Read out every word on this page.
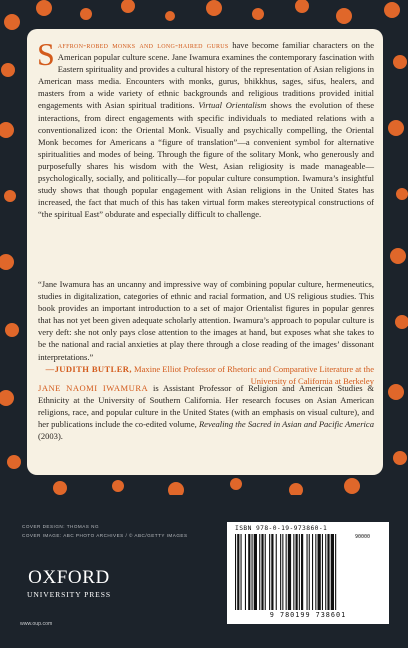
Saffron-robed monks and long-haired gurus have become familiar characters on the American popular culture scene. Jane Iwamura examines the contemporary fascination with Eastern spirituality and provides a cultural history of the representation of Asian religions in American mass media. Encounters with monks, gurus, bhikkhus, sages, sifus, healers, and masters from a wide variety of ethnic backgrounds and religious traditions provided initial engagements with Asian spiritual traditions. Virtual Orientalism shows the evolution of these interactions, from direct engagements with specific individuals to mediated relations with a conventionalized icon: the Oriental Monk. Visually and psychically compelling, the Oriental Monk becomes for Americans a “figure of translation”—a convenient symbol for alternative spiritualities and modes of being. Through the figure of the solitary Monk, who generously and purposefully shares his wisdom with the West, Asian religiosity is made manageable—psychologically, socially, and politically—for popular culture consumption. Iwamura’s insightful study shows that though popular engagement with Asian religions in the United States has increased, the fact that much of this has taken virtual form makes stereotypical constructions of “the spiritual East” obdurate and especially difficult to challenge.
“Jane Iwamura has an uncanny and impressive way of combining popular culture, hermeneutics, studies in digitalization, categories of ethnic and racial formation, and US religious studies. This book provides an important introduction to a set of major Orientalist figures in popular genres that has not yet been given adequate scholarly attention. Iwamura’s approach to popular culture is very deft: she not only pays close attention to the images at hand, but exposes what she takes to be the national and racial anxieties at play there through a close reading of the images’ dissonant interpretations.”
—JUDITH BUTLER, Maxine Elliot Professor of Rhetoric and Comparative Literature at the University of California at Berkeley
JANE NAOMI IWAMURA is Assistant Professor of Religion and American Studies & Ethnicity at the University of Southern California. Her research focuses on Asian American religions, race, and popular culture in the United States (with an emphasis on visual culture), and her publications include the co-edited volume, Revealing the Sacred in Asian and Pacific America (2003).
COVER DESIGN: THOMAS NG
COVER IMAGE: ABC PHOTO ARCHIVES / © ABC/GETTY IMAGES
OXFORD
UNIVERSITY PRESS
www.oup.com
ISBN 978-0-19-973860-1
90000
9 780199 738601
